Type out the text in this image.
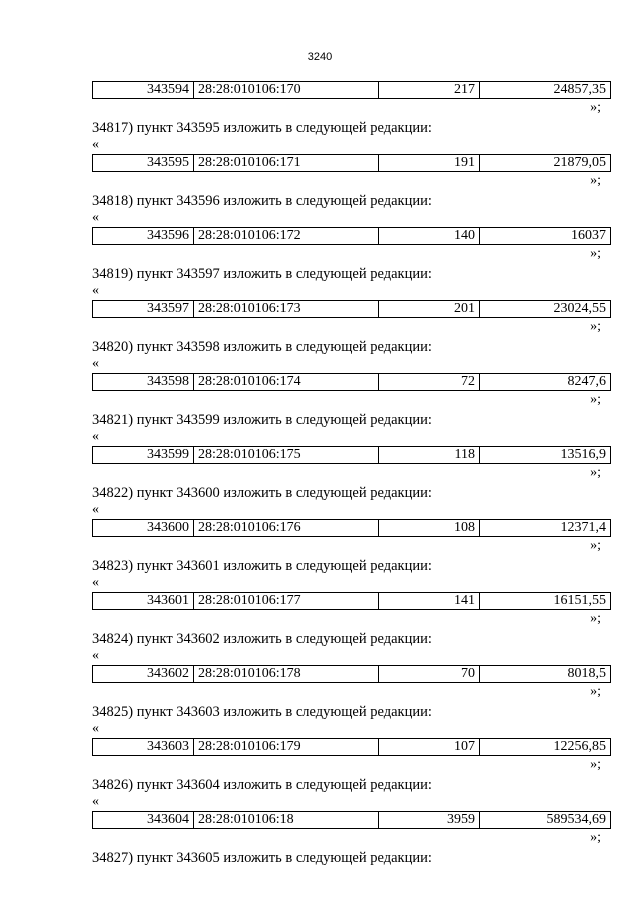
3240
343594	28:28:010106:170	217	24857,35
»;
34817) пункт 343595 изложить в следующей редакции:
«
343595	28:28:010106:171	191	21879,05
»;
34818) пункт 343596 изложить в следующей редакции:
«
343596	28:28:010106:172	140	16037
»;
34819) пункт 343597 изложить в следующей редакции:
«
343597	28:28:010106:173	201	23024,55
»;
34820) пункт 343598 изложить в следующей редакции:
«
343598	28:28:010106:174	72	8247,6
»;
34821) пункт 343599 изложить в следующей редакции:
«
343599	28:28:010106:175	118	13516,9
»;
34822) пункт 343600 изложить в следующей редакции:
«
343600	28:28:010106:176	108	12371,4
»;
34823) пункт 343601 изложить в следующей редакции:
«
343601	28:28:010106:177	141	16151,55
»;
34824) пункт 343602 изложить в следующей редакции:
«
343602	28:28:010106:178	70	8018,5
»;
34825) пункт 343603 изложить в следующей редакции:
«
343603	28:28:010106:179	107	12256,85
»;
34826) пункт 343604 изложить в следующей редакции:
«
343604	28:28:010106:18	3959	589534,69
»;
34827) пункт 343605 изложить в следующей редакции:
